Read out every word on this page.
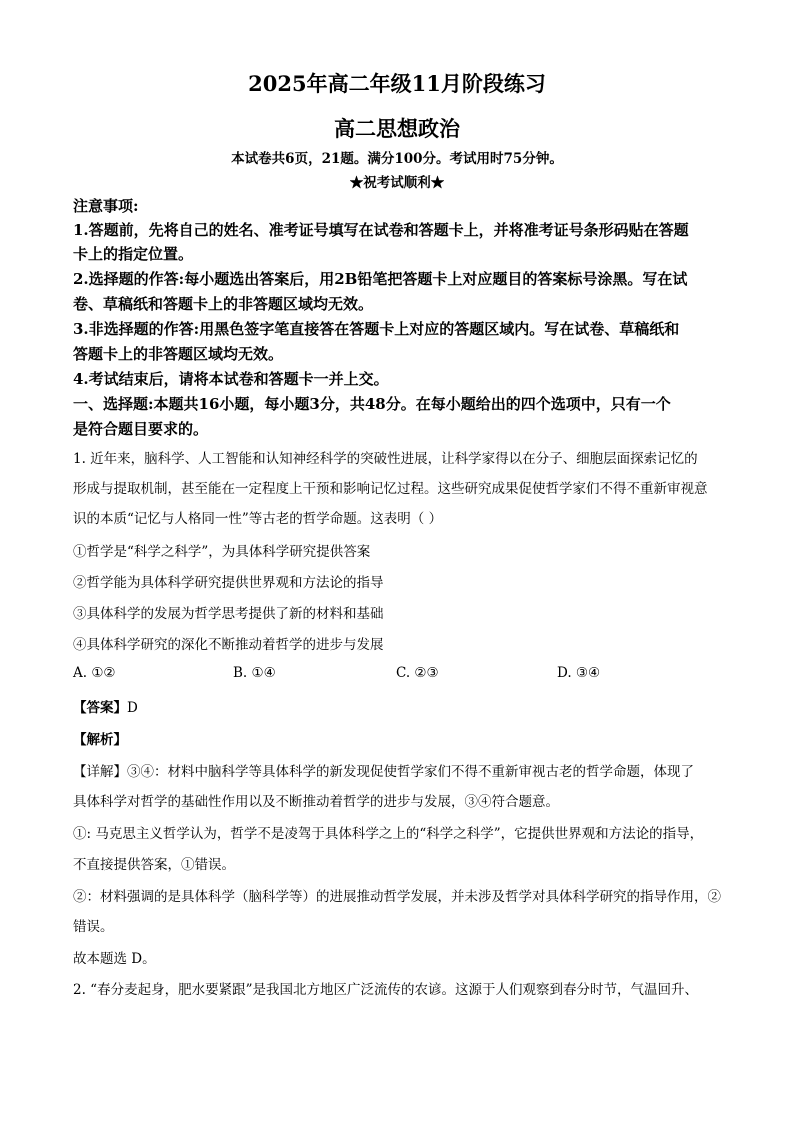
2025年高二年级11月阶段练习
高二思想政治
本试卷共6页，21题。满分100分。考试用时75分钟。
★祝考试顺利★
注意事项:
1.答题前，先将自己的姓名、准考证号填写在试卷和答题卡上，并将准考证号条形码贴在答题
卡上的指定位置。
2.选择题的作答:每小题选出答案后，用2B铅笔把答题卡上对应题目的答案标号涂黑。写在试
卷、草稿纸和答题卡上的非答题区域均无效。
3.非选择题的作答:用黑色签字笔直接答在答题卡上对应的答题区域内。写在试卷、草稿纸和
答题卡上的非答题区域均无效。
4.考试结束后，请将本试卷和答题卡一并上交。
一、选择题:本题共16小题，每小题3分，共48分。在每小题给出的四个选项中，只有一个
是符合题目要求的。
1. 近年来，脑科学、人工智能和认知神经科学的突破性进展，让科学家得以在分子、细胞层面探索记忆的
形成与提取机制，甚至能在一定程度上干预和影响记忆过程。这些研究成果促使哲学家们不得不重新审视意
识的本质“记忆与人格同一性”等古老的哲学命题。这表明（ ）
①哲学是“科学之科学”，为具体科学研究提供答案
②哲学能为具体科学研究提供世界观和方法论的指导
③具体科学的发展为哲学思考提供了新的材料和基础
④具体科学研究的深化不断推动着哲学的进步与发展
A. ①②	B. ①④	C. ②③	D. ③④
【答案】D
【解析】
【详解】③④：材料中脑科学等具体科学的新发现促使哲学家们不得不重新审视古老的哲学命题，体现了
具体科学对哲学的基础性作用以及不断推动着哲学的进步与发展，③④符合题意。
①: 马克思主义哲学认为，哲学不是凌驾于具体科学之上的“科学之科学”，它提供世界观和方法论的指导，
不直接提供答案，①错误。
②：材料强调的是具体科学（脑科学等）的进展推动哲学发展，并未涉及哲学对具体科学研究的指导作用，②
错误。
故本题选 D。
2. “春分麦起身，肥水要紧跟”是我国北方地区广泛流传的农谚。这源于人们观察到春分时节，气温回升、
